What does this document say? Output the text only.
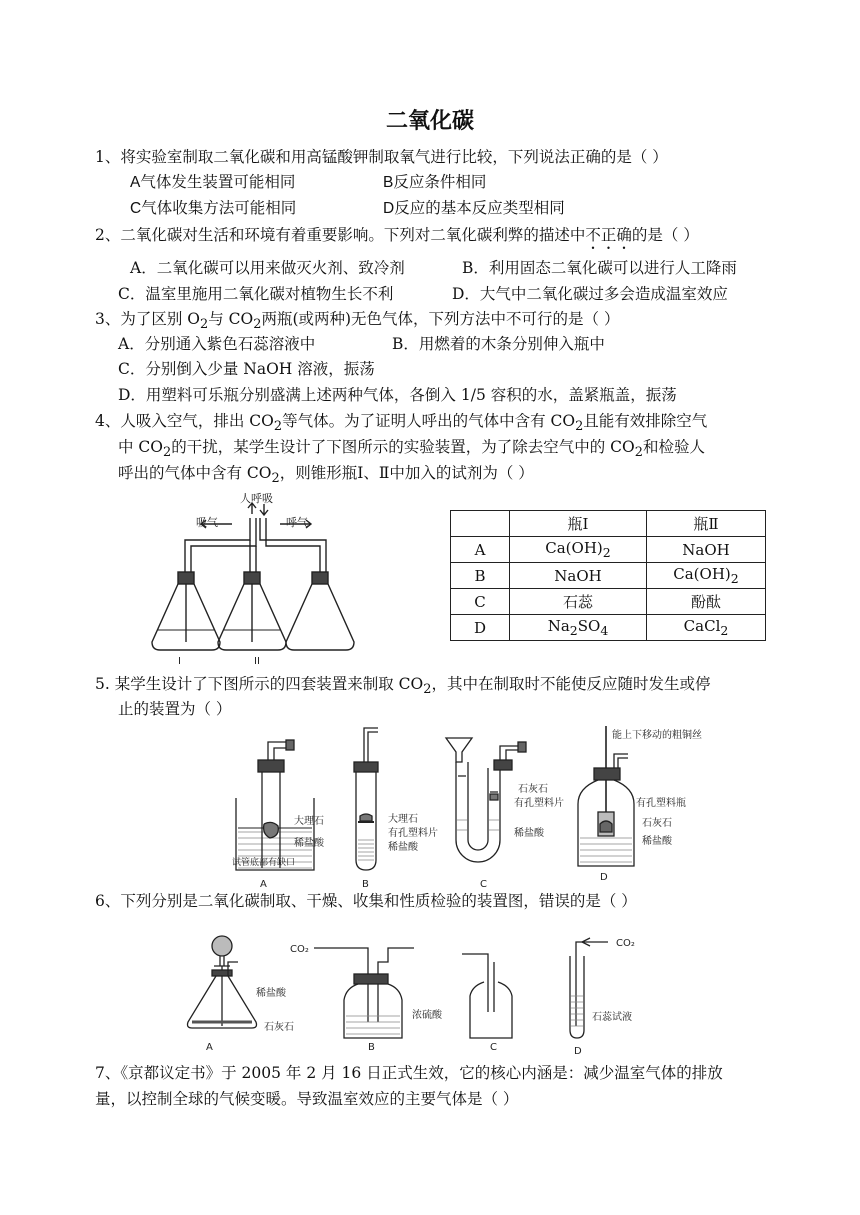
二氧化碳
1、将实验室制取二氧化碳和用高锰酸钾制取氧气进行比较，下列说法正确的是（ ）
A气体发生装置可能相同	B反应条件相同
C气体收集方法可能相同	D反应的基本反应类型相同
2、二氧化碳对生活和环境有着重要影响。下列对二氧化碳利弊的描述中不正确的是（ ）
A．二氧化碳可以用来做灭火剂、致冷剂	B．利用固态二氧化碳可以进行人工降雨
C．温室里施用二氧化碳对植物生长不利	D．大气中二氧化碳过多会造成温室效应
3、为了区别 $O_2$与 $CO_2$两瓶(或两种)无色气体，下列方法中不可行的是（ ）
A．分别通入紫色石蕊溶液中	B．用燃着的木条分别伸入瓶中
C．分别倒入少量 NaOH 溶液，振荡
D．用塑料可乐瓶分别盛满上述两种气体，各倒入 1/5 容积的水，盖紧瓶盖，振荡
4、人吸入空气，排出 $CO_2$等气体。为了证明人呼出的气体中含有 $CO_2$且能有效排除空气
中 $CO_2$的干扰，某学生设计了下图所示的实验装置，为了除去空气中的 $CO_2$和检验人
呼出的气体中含有 $CO_2$，则锥形瓶Ⅰ、Ⅱ中加入的试剂为（ ）
人呼吸
吸气	呼气
I	II
	瓶Ⅰ	瓶Ⅱ
A	$Ca(OH)_2$	NaOH
B	NaOH	$Ca(OH)_2$
C	石蕊	酚酞
D	$Na_2SO_4$	CaCl$_2$
5. 某学生设计了下图所示的四套装置来制取 $CO_2$，其中在制取时不能使反应随时发生或停
止的装置为（ ）
大理石
稀盐酸
试管底部有缺口
A
大理石
有孔塑料片
稀盐酸
B
石灰石
有孔塑料片
稀盐酸
C
能上下移动的粗铜丝
有孔塑料瓶
石灰石
稀盐酸
D
6、下列分别是二氧化碳制取、干燥、收集和性质检验的装置图，错误的是（ ）
稀盐酸
石灰石
A
CO₂
浓硫酸
B	C
CO₂
石蕊试液
D
7、《京都议定书》于 2005 年 2 月 16 日正式生效，它的核心内涵是：减少温室气体的排放
量，以控制全球的气候变暖。导致温室效应的主要气体是（ ）
